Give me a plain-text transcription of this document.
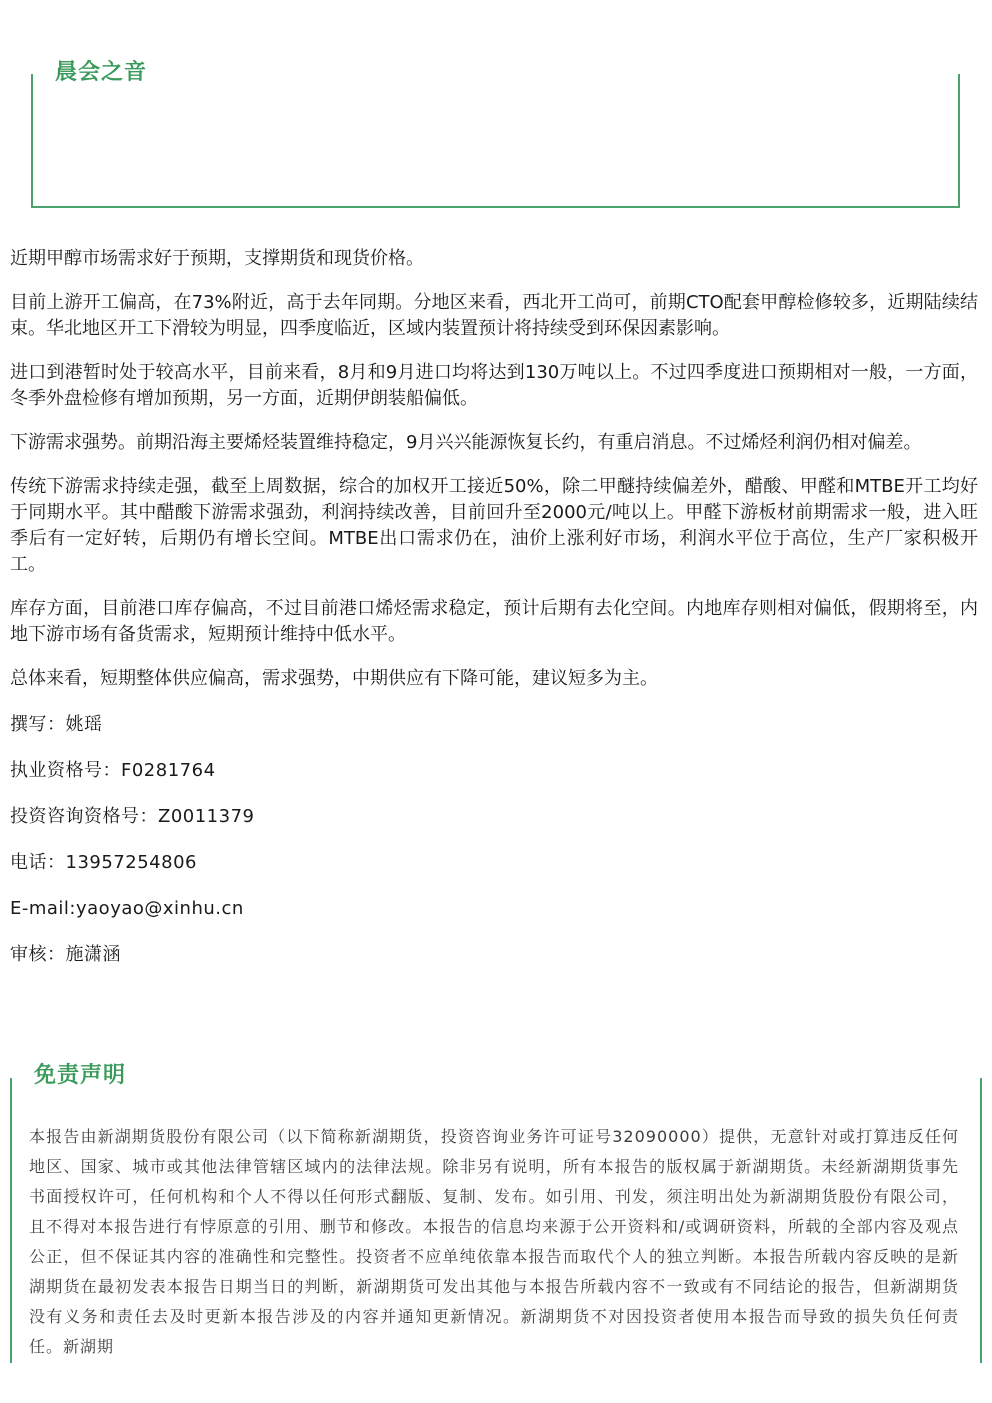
晨会之音

近期甲醇市场需求好于预期，支撑期货和现货价格。

目前上游开工偏高，在73%附近，高于去年同期。分地区来看，西北开工尚可，前期CTO配套甲醇检修较多，近期陆续结束。华北地区开工下滑较为明显，四季度临近，区域内装置预计将持续受到环保因素影响。

进口到港暂时处于较高水平，目前来看，8月和9月进口均将达到130万吨以上。不过四季度进口预期相对一般，一方面，冬季外盘检修有增加预期，另一方面，近期伊朗装船偏低。

下游需求强势。前期沿海主要烯烃装置维持稳定，9月兴兴能源恢复长约，有重启消息。不过烯烃利润仍相对偏差。

传统下游需求持续走强，截至上周数据，综合的加权开工接近50%，除二甲醚持续偏差外，醋酸、甲醛和MTBE开工均好于同期水平。其中醋酸下游需求强劲，利润持续改善，目前回升至2000元/吨以上。甲醛下游板材前期需求一般，进入旺季后有一定好转，后期仍有增长空间。MTBE出口需求仍在，油价上涨利好市场，利润水平位于高位，生产厂家积极开工。

库存方面，目前港口库存偏高，不过目前港口烯烃需求稳定，预计后期有去化空间。内地库存则相对偏低，假期将至，内地下游市场有备货需求，短期预计维持中低水平。

总体来看，短期整体供应偏高，需求强势，中期供应有下降可能，建议短多为主。

撰写：姚瑶

执业资格号：F0281764

投资咨询资格号：Z0011379

电话：13957254806

E-mail:yaoyao@xinhu.cn

审核：施潇涵

免责声明
本报告由新湖期货股份有限公司（以下简称新湖期货，投资咨询业务许可证号32090000）提供，无意针对或打算违反任何地区、国家、城市或其他法律管辖区域内的法律法规。除非另有说明，所有本报告的版权属于新湖期货。未经新湖期货事先书面授权许可，任何机构和个人不得以任何形式翻版、复制、发布。如引用、刊发，须注明出处为新湖期货股份有限公司，且不得对本报告进行有悖原意的引用、删节和修改。本报告的信息均来源于公开资料和/或调研资料，所载的全部内容及观点公正，但不保证其内容的准确性和完整性。投资者不应单纯依靠本报告而取代个人的独立判断。本报告所载内容反映的是新湖期货在最初发表本报告日期当日的判断，新湖期货可发出其他与本报告所载内容不一致或有不同结论的报告，但新湖期货没有义务和责任去及时更新本报告涉及的内容并通知更新情况。新湖期货不对因投资者使用本报告而导致的损失负任何责任。新湖期
